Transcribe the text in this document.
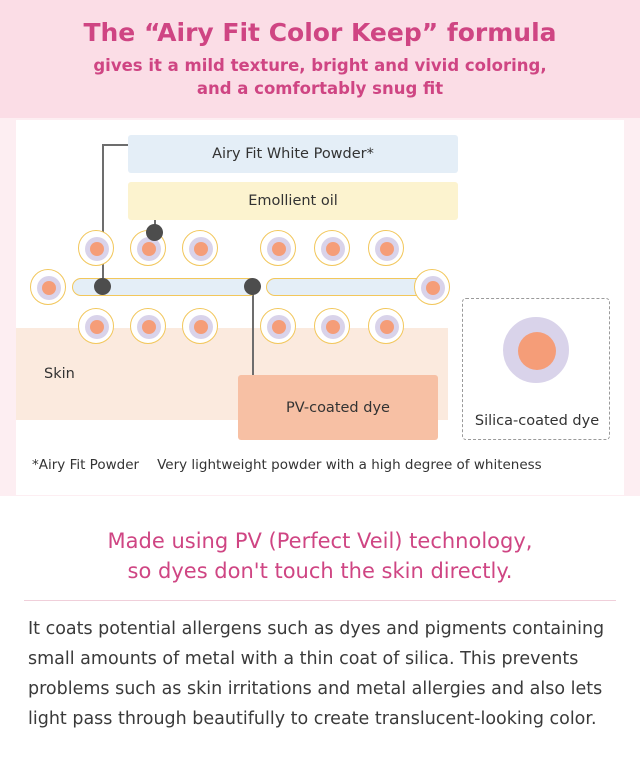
The “Airy Fit Color Keep” formula
gives it a mild texture, bright and vivid coloring,
and a comfortably snug fit
Skin
Airy Fit White Powder*
Emollient oil
PV-coated dye
Silica-coated dye
*Airy Fit Powder Very lightweight powder with a high degree of whiteness
Made using PV (Perfect Veil) technology,
so dyes don't touch the skin directly.
It coats potential allergens such as dyes and pigments containing small amounts of metal with a thin coat of silica. This prevents problems such as skin irritations and metal allergies and also lets light pass through beautifully to create translucent-looking color.
